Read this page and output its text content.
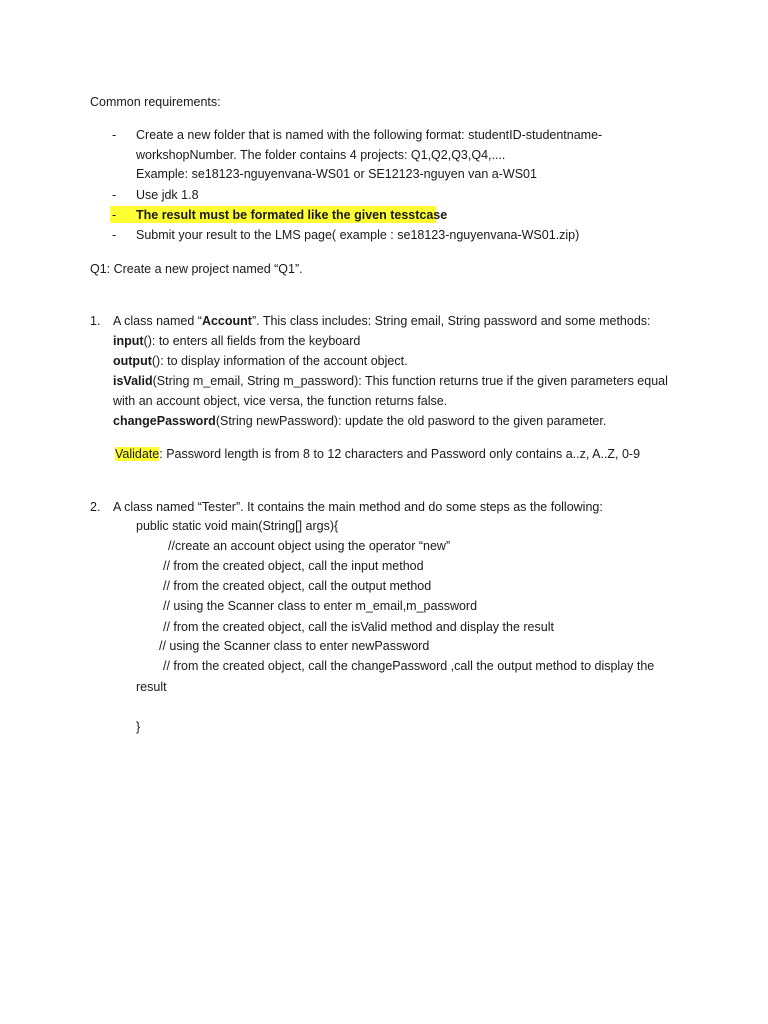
Common requirements:
- Create a new folder that is named with the following format: studentID-studentname-
workshopNumber. The folder contains 4 projects: Q1,Q2,Q3,Q4,....
Example: se18123-nguyenvana-WS01 or SE12123-nguyen van a-WS01
- Use jdk 1.8
- The result must be formated like the given tesstcase
- Submit your result to the LMS page( example : se18123-nguyenvana-WS01.zip)
Q1: Create a new project named “Q1”.
1. A class named “Account”. This class includes: String email, String password and some methods:
input(): to enters all fields from the keyboard
output(): to display information of the account object.
isValid(String m_email, String m_password): This function returns true if the given parameters equal
with an account object, vice versa, the function returns false.
changePassword(String newPassword): update the old pasword to the given parameter.
Validate: Password length is from 8 to 12 characters and Password only contains a..z, A..Z, 0-9
2. A class named “Tester”. It contains the main method and do some steps as the following:
public static void main(String[] args){
//create an account object using the operator “new”
// from the created object, call the input method
// from the created object, call the output method
// using the Scanner class to enter m_email,m_password
// from the created object, call the isValid method and display the result
// using the Scanner class to enter newPassword
// from the created object, call the changePassword ,call the output method to display the
result
}
